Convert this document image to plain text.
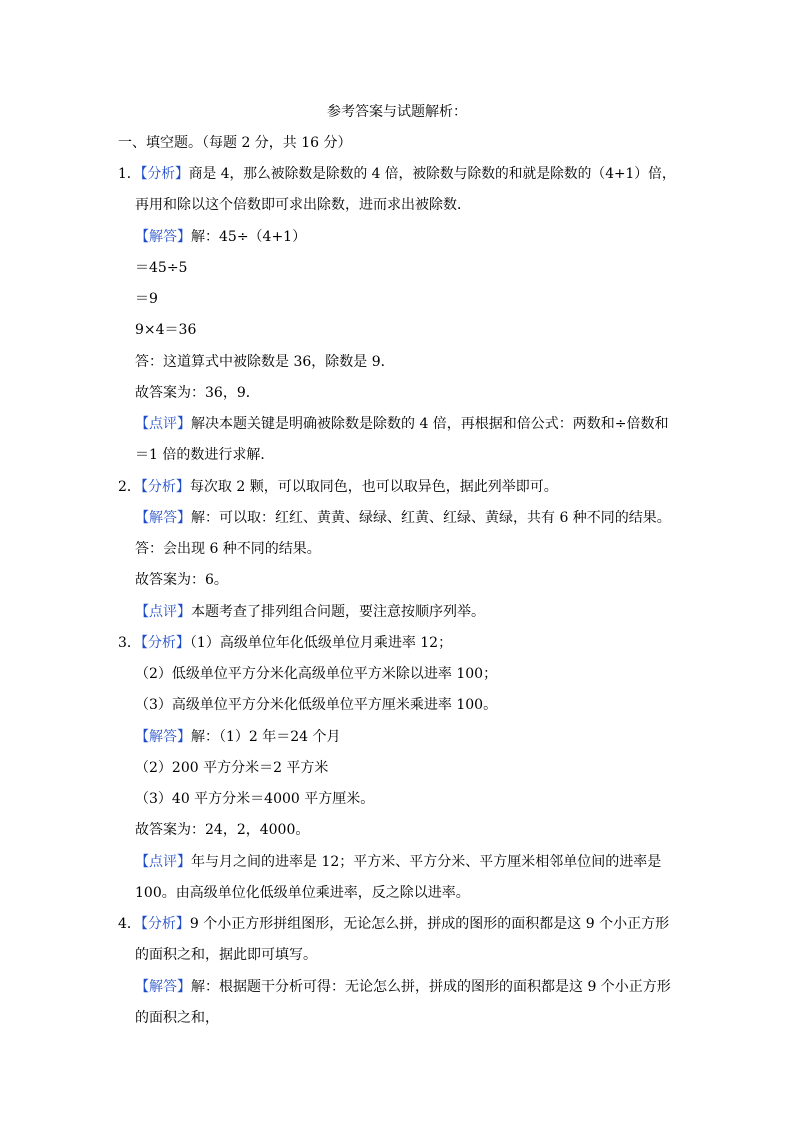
参考答案与试题解析：
一、填空题。（每题 2 分，共 16 分）
1．【分析】商是 4，那么被除数是除数的 4 倍，被除数与除数的和就是除数的（4+1）倍，
再用和除以这个倍数即可求出除数，进而求出被除数．
【解答】解：45÷（4+1）
＝45÷5
＝9
9×4＝36
答：这道算式中被除数是 36，除数是 9．
故答案为：36，9．
【点评】解决本题关键是明确被除数是除数的 4 倍，再根据和倍公式：两数和÷倍数和
＝1 倍的数进行求解．
2．【分析】每次取 2 颗，可以取同色，也可以取异色，据此列举即可。
【解答】解：可以取：红红、黄黄、绿绿、红黄、红绿、黄绿，共有 6 种不同的结果。
答：会出现 6 种不同的结果。
故答案为：6。
【点评】本题考查了排列组合问题，要注意按顺序列举。
3．【分析】（1）高级单位年化低级单位月乘进率 12；
（2）低级单位平方分米化高级单位平方米除以进率 100；
（3）高级单位平方分米化低级单位平方厘米乘进率 100。
【解答】解：（1）2 年＝24 个月
（2）200 平方分米＝2 平方米
（3）40 平方分米＝4000 平方厘米。
故答案为：24，2，4000。
【点评】年与月之间的进率是 12；平方米、平方分米、平方厘米相邻单位间的进率是
100。由高级单位化低级单位乘进率，反之除以进率。
4．【分析】9 个小正方形拼组图形，无论怎么拼，拼成的图形的面积都是这 9 个小正方形
的面积之和，据此即可填写。
【解答】解：根据题干分析可得：无论怎么拼，拼成的图形的面积都是这 9 个小正方形
的面积之和，
